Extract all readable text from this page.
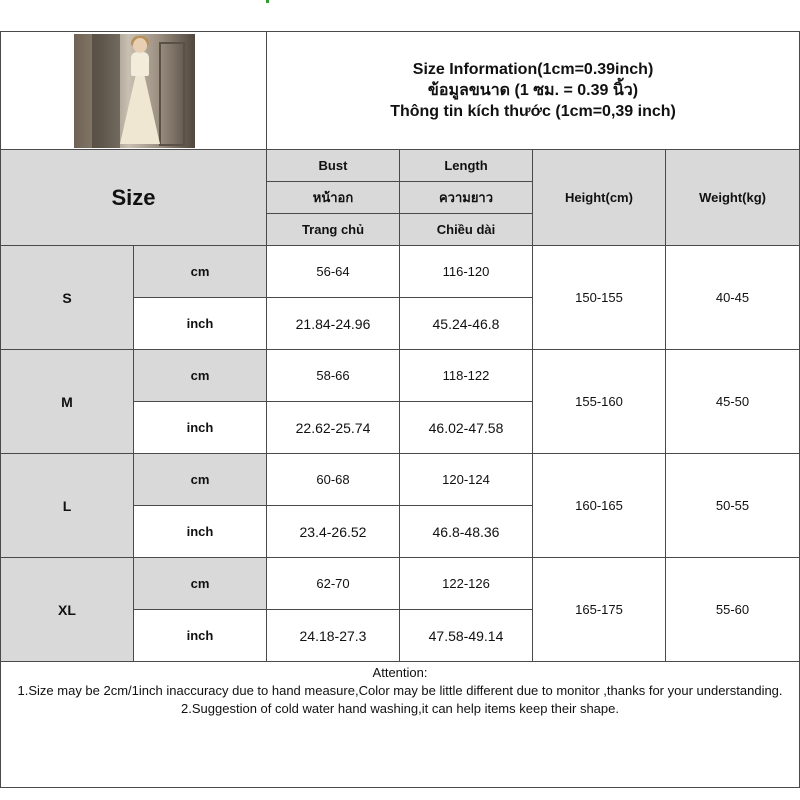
		Size Information(1cm=0.39inch)
ข้อมูลขนาด (1 ซม. = 0.39 นิ้ว)
Thông tin kích thước (1cm=0,39 inch)			

Size		Bust	Length	Height(cm)	Weight(kg)
		หน้าอก	ความยาว		
		Trang chủ	Chiều dài		
S	cm	56-64	116-120	150-155	40-45
	inch	21.84-24.96	45.24-46.8		
M	cm	58-66	118-122	155-160	45-50
	inch	22.62-25.74	46.02-47.58		
L	cm	60-68	120-124	160-165	50-55
	inch	23.4-26.52	46.8-48.36		
XL	cm	62-70	122-126	165-175	55-60
	inch	24.18-27.3	47.58-49.14		

Attention:
1.Size may be 2cm/1inch inaccuracy due to hand measure,Color may be little different due to monitor ,thanks for your understanding.
2.Suggestion of cold water hand washing,it can help items keep their shape.					
